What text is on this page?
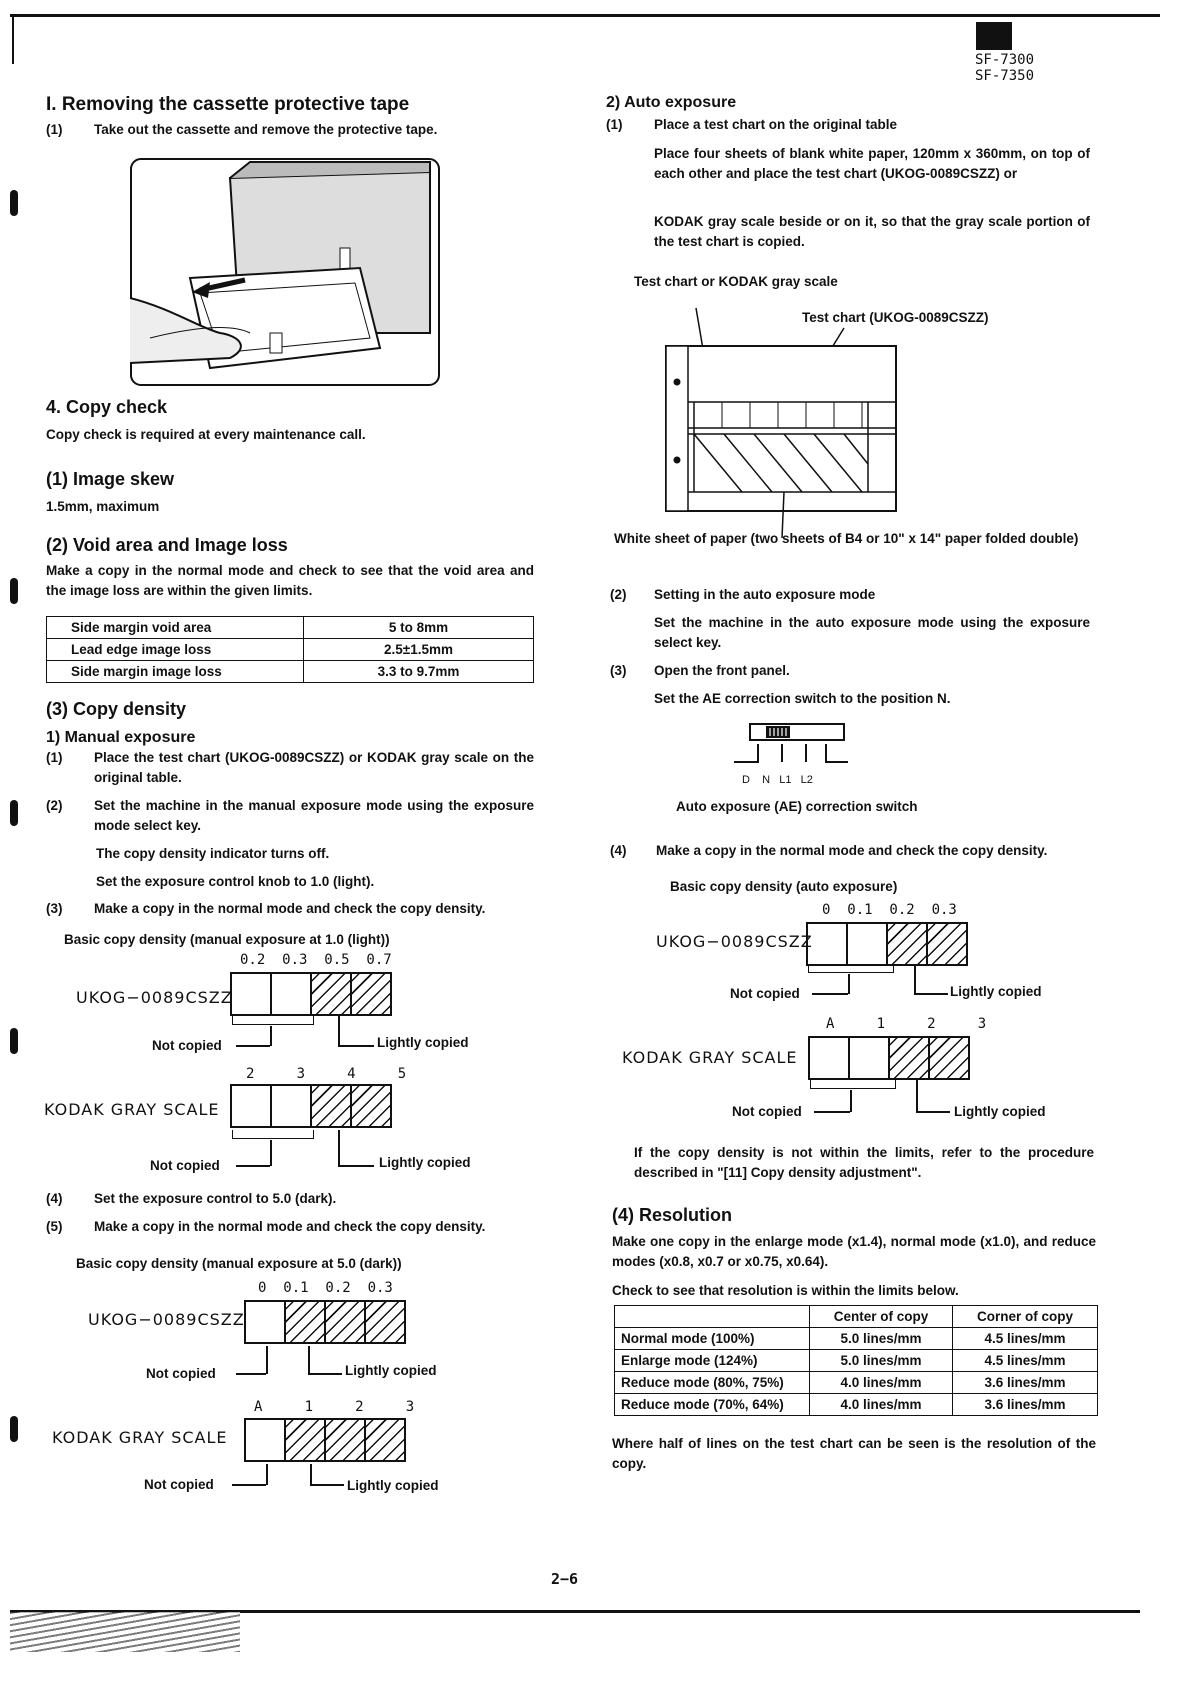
SF-7300
SF-7350
I. Removing the cassette protective tape
(1) Take out the cassette and remove the protective tape.
4. Copy check
Copy check is required at every maintenance call.
(1) Image skew
1.5mm, maximum
(2) Void area and Image loss
Make a copy in the normal mode and check to see that the void area and the image loss are within the given limits.
Side margin void area	5 to 8mm
Lead edge image loss	2.5±1.5mm
Side margin image loss	3.3 to 9.7mm
(3) Copy density
1) Manual exposure
(1)	Place the test chart (UKOG-0089CSZZ) or KODAK gray scale on the original table.
(2)	Set the machine in the manual exposure mode using the exposure mode select key.
The copy density indicator turns off.
Set the exposure control knob to 1.0 (light).
(3)	Make a copy in the normal mode and check the copy density.
Basic copy density (manual exposure at 1.0 (light))
0.2  0.3  0.5  0.7
UKOG−0089CSZZ
Not copied	Lightly copied
2     3     4     5
KODAK GRAY SCALE
Not copied	Lightly copied
(4)	Set the exposure control to 5.0 (dark).
(5)	Make a copy in the normal mode and check the copy density.
Basic copy density (manual exposure at 5.0 (dark))
0  0.1  0.2  0.3
UKOG−0089CSZZ
Not copied	Lightly copied
A     1     2     3
KODAK GRAY SCALE
Not copied	Lightly copied
2) Auto exposure
(1)	Place a test chart on the original table
Place four sheets of blank white paper, 120mm x 360mm, on top of each other and place the test chart (UKOG-0089CSZZ) or
KODAK gray scale beside or on it, so that the gray scale portion of the test chart is copied.
Test chart or KODAK gray scale
Test chart (UKOG-0089CSZZ)
White sheet of paper (two sheets of B4 or 10" x 14" paper folded double)
(2)	Setting in the auto exposure mode
Set the machine in the auto exposure mode using the exposure select key.
(3)	Open the front panel.
Set the AE correction switch to the position N.
D    N   L1   L2
Auto exposure (AE) correction switch
(4)	Make a copy in the normal mode and check the copy density.
Basic copy density (auto exposure)
0  0.1  0.2  0.3
UKOG−0089CSZZ
Not copied	Lightly copied
A     1     2     3
KODAK GRAY SCALE
Not copied	Lightly copied
If the copy density is not within the limits, refer to the procedure described in "[11] Copy density adjustment".
(4) Resolution
Make one copy in the enlarge mode (x1.4), normal mode (x1.0), and reduce modes (x0.8, x0.7 or x0.75, x0.64).
Check to see that resolution is within the limits below.
	Center of copy	Corner of copy
Normal mode (100%)	5.0 lines/mm	4.5 lines/mm
Enlarge mode (124%)	5.0 lines/mm	4.5 lines/mm
Reduce mode (80%, 75%)	4.0 lines/mm	3.6 lines/mm
Reduce mode (70%, 64%)	4.0 lines/mm	3.6 lines/mm
Where half of lines on the test chart can be seen is the resolution of the copy.
2−6
